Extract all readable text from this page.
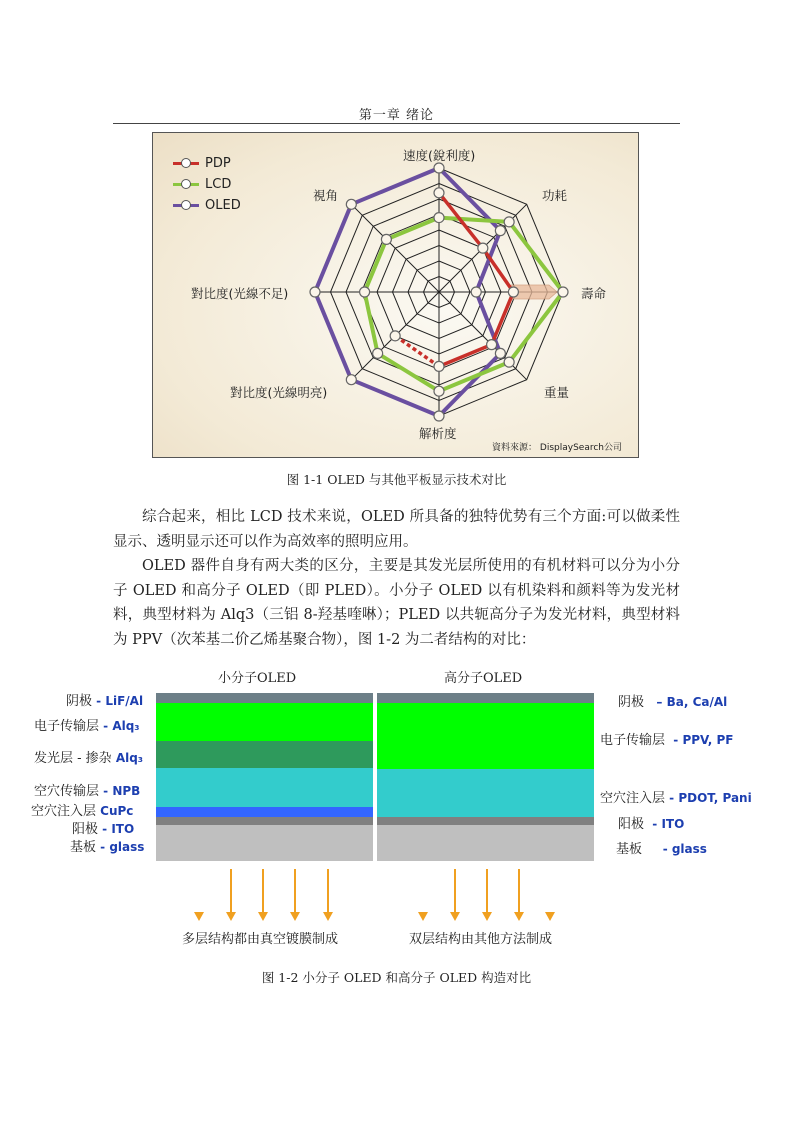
第一章 绪论
PDP
LCD
OLED
速度(銳利度)
功耗
壽命
重量
解析度
對比度(光線明亮)
對比度(光線不足)
視角
資料來源： DisplaySearch公司
图 1-1 OLED 与其他平板显示技术对比

综合起来，相比 LCD 技术来说，OLED 所具备的独特优势有三个方面:可以做柔性显示、透明显示还可以作为高效率的照明应用。

OLED 器件自身有两大类的区分，主要是其发光层所使用的有机材料可以分为小分子 OLED 和高分子 OLED（即 PLED）。小分子 OLED 以有机染料和颜料等为发光材料，典型材料为 Alq3（三铝 8-羟基喹啉）；PLED 以共轭高分子为发光材料，典型材料为 PPV（次苯基二价乙烯基聚合物），图 1-2 为二者结构的对比：

小分子OLED	高分子OLED
阴极 - LiF/Al
电子传输层 - Alq₃
发光层 - 掺杂 Alq₃
空穴传输层 - NPB
空穴注入层 CuPc
阳极 - ITO
基板 - glass
阴极 – Ba, Ca/Al
电子传输层 - PPV, PF
空穴注入层 - PDOT, Pani
阳极 - ITO
基板 - glass
多层结构都由真空镀膜制成	双层结构由其他方法制成
图 1-2 小分子 OLED 和高分子 OLED 构造对比
